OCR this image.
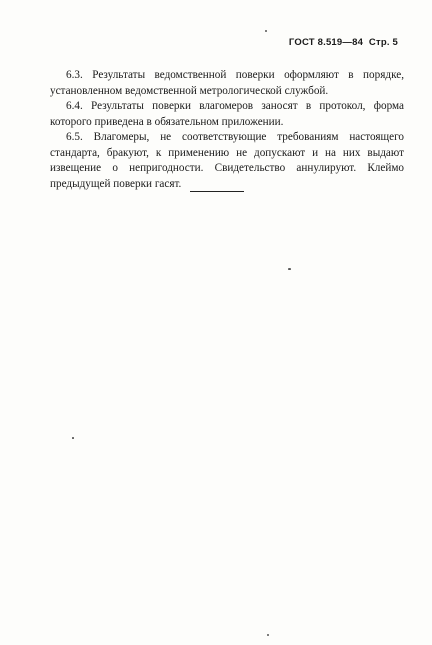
ГОСТ 8.519—84 Стр. 5

6.3. Результаты ведомственной поверки оформляют в порядке, установленном ведомственной метрологической службой.

6.4. Результаты поверки влагомеров заносят в протокол, форма которого приведена в обязательном приложении.

6.5. Влагомеры, не соответствующие требованиям настоящего стандарта, бракуют, к применению не допускают и на них выдают извещение о непригодности. Свидетельство аннулируют. Клеймо предыдущей поверки гасят.
